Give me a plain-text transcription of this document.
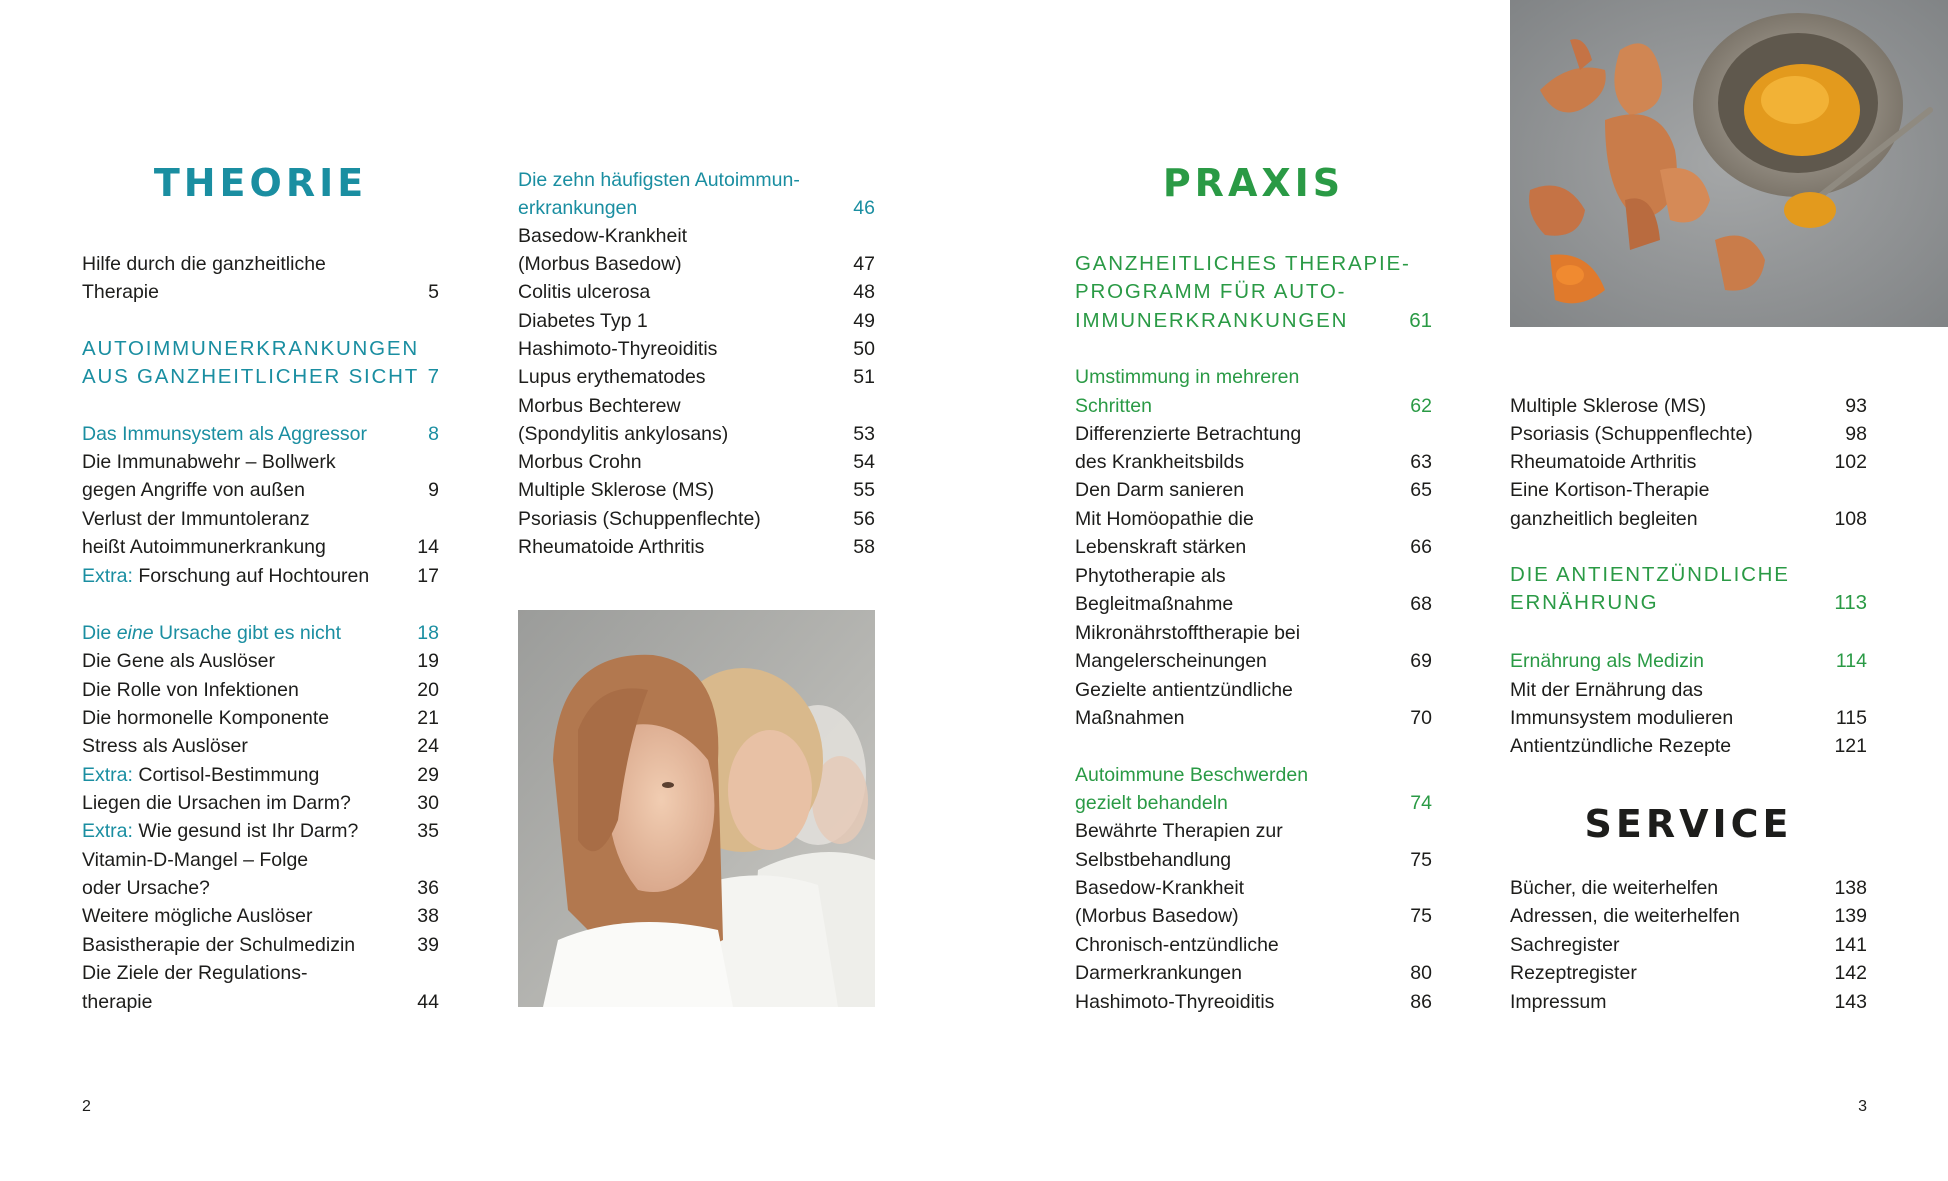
THEORIE
Hilfe durch die ganzheitliche
Therapie	5
AUTOIMMUNERKRANKUNGEN
AUS GANZHEITLICHER SICHT 7
Das Immunsystem als Aggressor	8
Die Immunabwehr – Bollwerk
gegen Angriffe von außen	9
Verlust der Immuntoleranz
heißt Autoimmunerkrankung	14
Extra: Forschung auf Hochtouren 17
Die eine Ursache gibt es nicht	18
Die Gene als Auslöser	19
Die Rolle von Infektionen	20
Die hormonelle Komponente	21
Stress als Auslöser	24
Extra: Cortisol-Bestimmung	29
Liegen die Ursachen im Darm?	30
Extra: Wie gesund ist Ihr Darm?	35
Vitamin-D-Mangel – Folge
oder Ursache?	36
Weitere mögliche Auslöser	38
Basistherapie der Schulmedizin	39
Die Ziele der Regulations-
therapie	44
Die zehn häufigsten Autoimmun-
erkrankungen	46
Basedow-Krankheit
(Morbus Basedow)	47
Colitis ulcerosa	48
Diabetes Typ 1	49
Hashimoto-Thyreoiditis	50
Lupus erythematodes	51
Morbus Bechterew
(Spondylitis ankylosans)	53
Morbus Crohn	54
Multiple Sklerose (MS)	55
Psoriasis (Schuppenflechte)	56
Rheumatoide Arthritis	58
PRAXIS
GANZHEITLICHES THERAPIE-
PROGRAMM FÜR AUTO-
IMMUNERKRANKUNGEN	61
Umstimmung in mehreren
Schritten	62
Differenzierte Betrachtung
des Krankheitsbilds	63
Den Darm sanieren	65
Mit Homöopathie die
Lebenskraft stärken	66
Phytotherapie als
Begleitmaßnahme	68
Mikronährstofftherapie bei
Mangelerscheinungen	69
Gezielte antientzündliche
Maßnahmen	70
Autoimmune Beschwerden
gezielt behandeln	74
Bewährte Therapien zur
Selbstbehandlung	75
Basedow-Krankheit
(Morbus Basedow)	75
Chronisch-entzündliche
Darmerkrankungen	80
Hashimoto-Thyreoiditis	86
Multiple Sklerose (MS)	93
Psoriasis (Schuppenflechte)	98
Rheumatoide Arthritis	102
Eine Kortison-Therapie
ganzheitlich begleiten	108
DIE ANTIENTZÜNDLICHE
ERNÄHRUNG	113
Ernährung als Medizin	114
Mit der Ernährung das
Immunsystem modulieren	115
Antientzündliche Rezepte	121
SERVICE
Bücher, die weiterhelfen	138
Adressen, die weiterhelfen	139
Sachregister	141
Rezeptregister	142
Impressum	143
2	3
